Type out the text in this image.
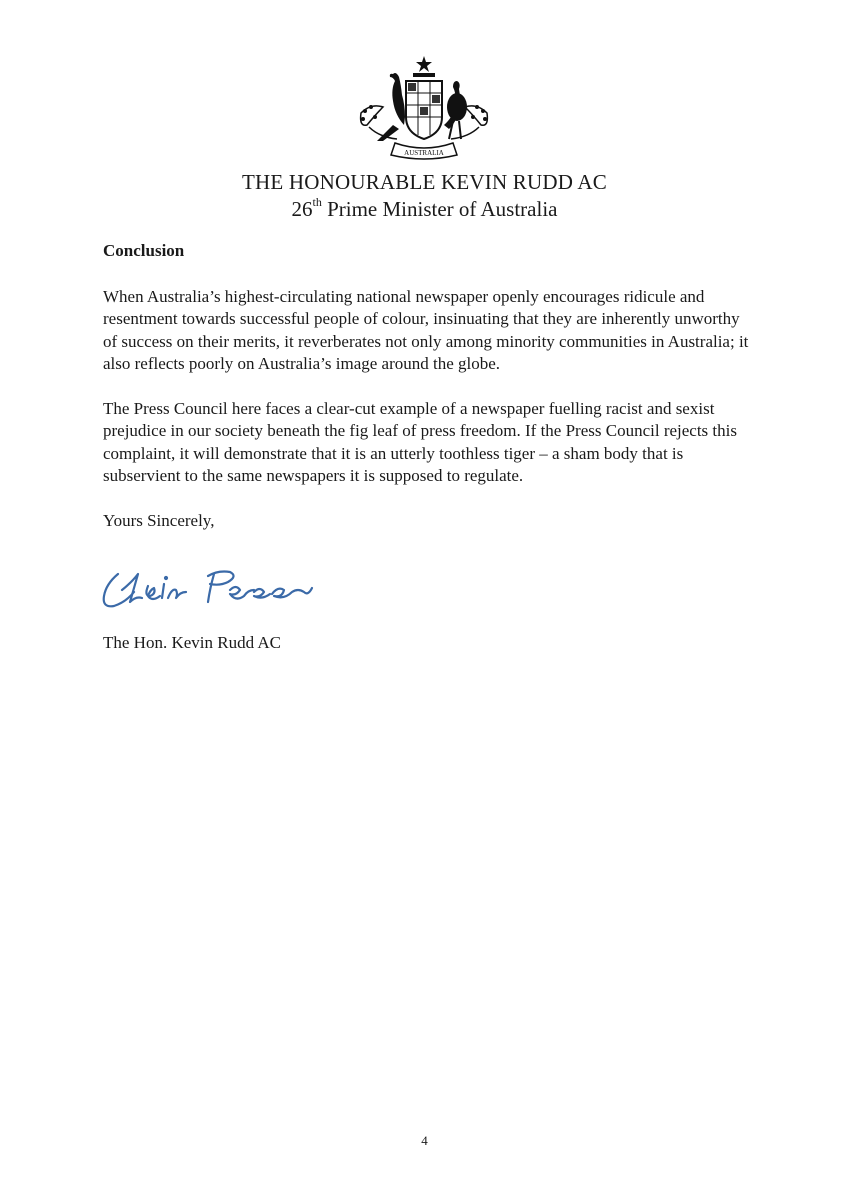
AUSTRALIA
THE HONOURABLE KEVIN RUDD AC
26th Prime Minister of Australia

Conclusion

When Australia’s highest-circulating national newspaper openly encourages ridicule and resentment towards successful people of colour, insinuating that they are inherently unworthy of success on their merits, it reverberates not only among minority communities in Australia; it also reflects poorly on Australia’s image around the globe.

The Press Council here faces a clear-cut example of a newspaper fuelling racist and sexist prejudice in our society beneath the fig leaf of press freedom. If the Press Council rejects this complaint, it will demonstrate that it is an utterly toothless tiger – a sham body that is subservient to the same newspapers it is supposed to regulate.

Yours Sincerely,

The Hon. Kevin Rudd AC
4
